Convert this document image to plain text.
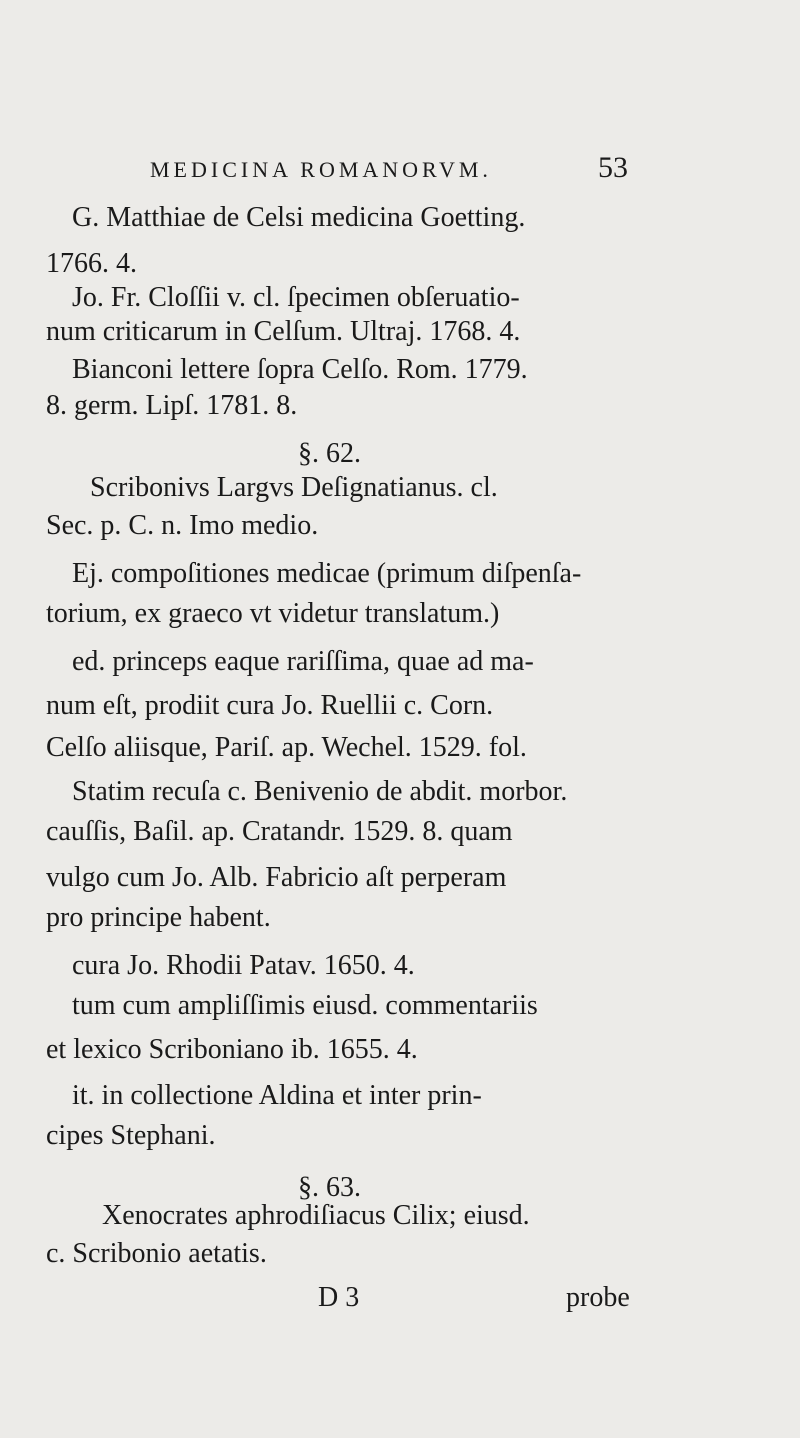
MEDICINA ROMANORVM.

	53

G. Matthiae de Celsi medicina Goetting.
1766. 4.
Jo. Fr. Cloſſii v. cl. ſpecimen obſeruatio-
num criticarum in Celſum. Ultraj. 1768. 4.
Bianconi lettere ſopra Celſo. Rom. 1779.
8. germ. Lipſ. 1781. 8.
§. 62.
Scribonivs Largvs Deſignatianus. cl.
Sec. p. C. n. Imo medio.
Ej. compoſitiones medicae (primum diſpenſa-
torium, ex graeco vt videtur translatum.)
ed. princeps eaque rariſſima, quae ad ma-
num eſt, prodiit cura Jo. Ruellii c. Corn.
Celſo aliisque, Pariſ. ap. Wechel. 1529. fol.
Statim recuſa c. Benivenio de abdit. morbor.
cauſſis, Baſil. ap. Cratandr. 1529. 8. quam
vulgo cum Jo. Alb. Fabricio aſt perperam
pro principe habent.
cura Jo. Rhodii Patav. 1650. 4.
tum cum ampliſſimis eiusd. commentariis
et lexico Scriboniano ib. 1655. 4.
it. in collectione Aldina et inter prin-
cipes Stephani.
§. 63.
Xenocrates aphrodiſiacus Cilix; eiusd.
c. Scribonio aetatis.

D 3

	probe
